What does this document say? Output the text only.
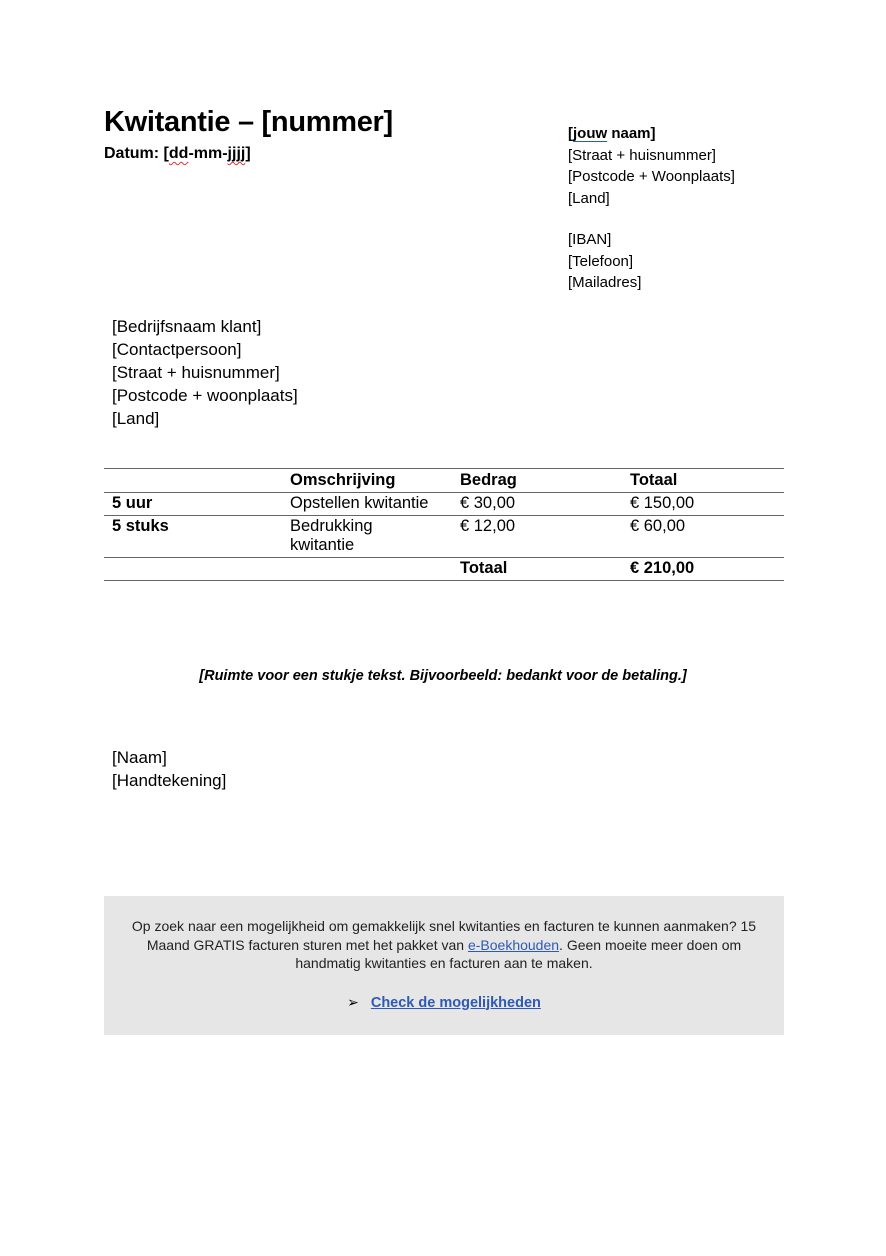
Kwitantie – [nummer]
Datum: [dd-mm-jjjj]
[jouw naam]
[Straat + huisnummer]
[Postcode + Woonplaats]
[Land]
[IBAN]
[Telefoon]
[Mailadres]
[Bedrijfsnaam klant]
[Contactpersoon]
[Straat + huisnummer]
[Postcode + woonplaats]
[Land]
	Omschrijving	Bedrag	Totaal
5 uur	Opstellen kwitantie	€ 30,00	€ 150,00
5 stuks	Bedrukking kwitantie	€ 12,00	€ 60,00
		Totaal	€ 210,00
[Ruimte voor een stukje tekst. Bijvoorbeeld: bedankt voor de betaling.]
[Naam]
[Handtekening]
Op zoek naar een mogelijkheid om gemakkelijk snel kwitanties en facturen te kunnen aanmaken? 15 Maand GRATIS facturen sturen met het pakket van e-Boekhouden. Geen moeite meer doen om handmatig kwitanties en facturen aan te maken.
➢ Check de mogelijkheden
